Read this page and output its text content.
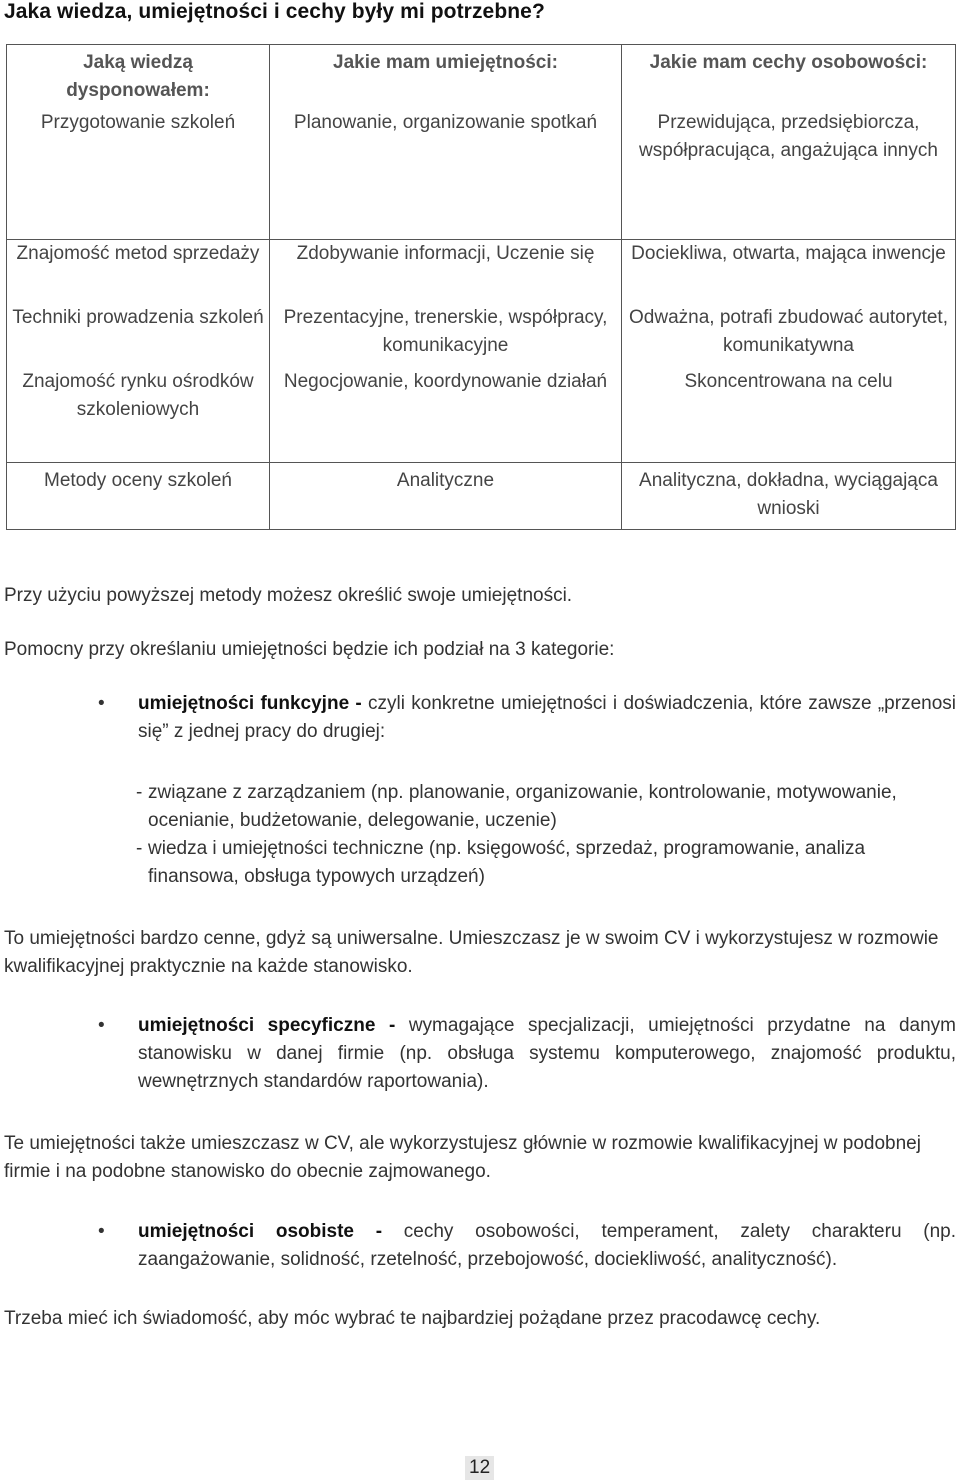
Jaka wiedza, umiejętności i cechy były mi potrzebne?
Jaką wiedzą dysponowałem:	Jakie mam umiejętności:	Jakie mam cechy osobowości:
Przygotowanie szkoleń	Planowanie, organizowanie spotkań	Przewidująca, przedsiębiorcza, współpracująca, angażująca innych
Znajomość metod sprzedaży	Zdobywanie informacji, Uczenie się	Dociekliwa, otwarta, mająca inwencje
Techniki prowadzenia szkoleń	Prezentacyjne, trenerskie, współpracy, komunikacyjne	Odważna, potrafi zbudować autorytet, komunikatywna
Znajomość rynku ośrodków szkoleniowych	Negocjowanie, koordynowanie działań	Skoncentrowana na celu
Metody oceny szkoleń	Analityczne	Analityczna, dokładna, wyciągająca wnioski
Przy użyciu powyższej metody możesz określić swoje umiejętności.
Pomocny przy określaniu umiejętności będzie ich podział na 3 kategorie:
• umiejętności funkcyjne - czyli konkretne umiejętności i doświadczenia, które zawsze „przenosi się” z jednej pracy do drugiej:
- związane z zarządzaniem (np. planowanie, organizowanie, kontrolowanie, motywowanie, ocenianie, budżetowanie, delegowanie, uczenie)
- wiedza i umiejętności techniczne (np. księgowość, sprzedaż, programowanie, analiza finansowa, obsługa typowych urządzeń)
To umiejętności bardzo cenne, gdyż są uniwersalne. Umieszczasz je w swoim CV i wykorzystujesz w rozmowie kwalifikacyjnej praktycznie na każde stanowisko.
• umiejętności specyficzne - wymagające specjalizacji, umiejętności przydatne na danym stanowisku w danej firmie (np. obsługa systemu komputerowego, znajomość produktu, wewnętrznych standardów raportowania).
Te umiejętności także umieszczasz w CV, ale wykorzystujesz głównie w rozmowie kwalifikacyjnej w podobnej firmie i na podobne stanowisko do obecnie zajmowanego.
• umiejętności osobiste - cechy osobowości, temperament, zalety charakteru (np. zaangażowanie, solidność, rzetelność, przebojowość, dociekliwość, analityczność).
Trzeba mieć ich świadomość, aby móc wybrać te najbardziej pożądane przez pracodawcę cechy.
12
